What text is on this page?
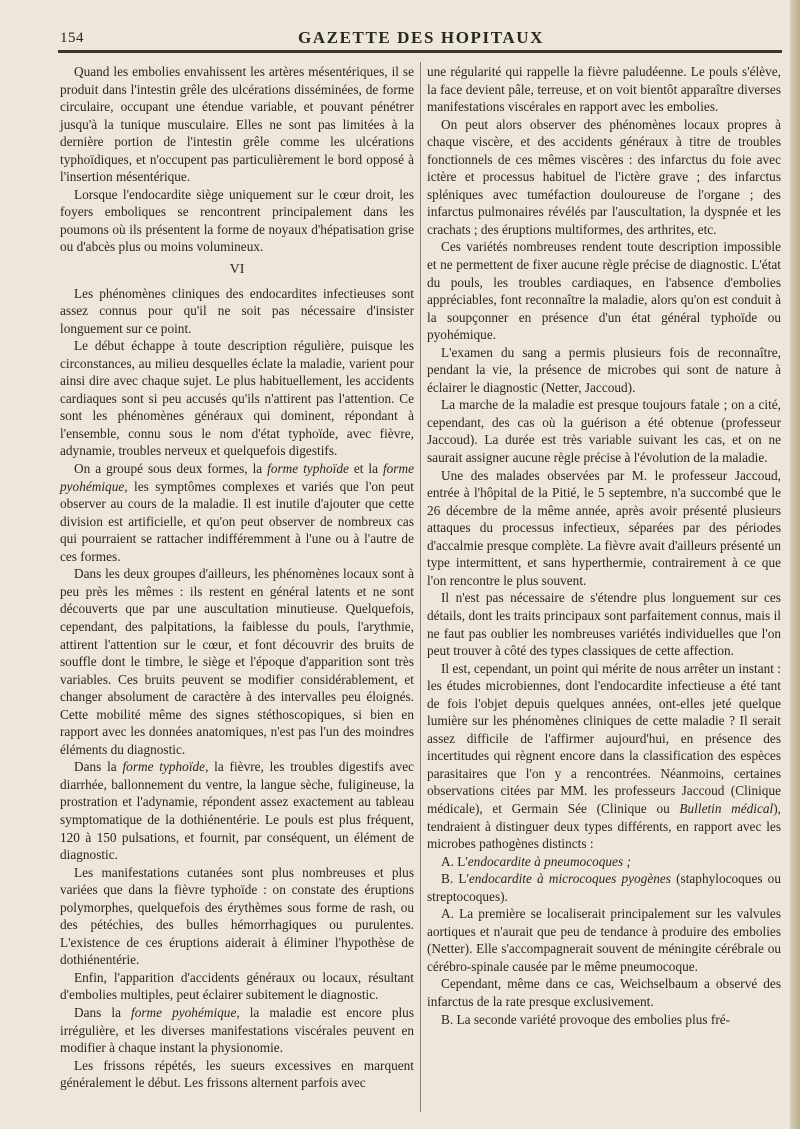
154	GAZETTE DES HOPITAUX

Quand les embolies envahissent les artères mésentériques, il se produit dans l'intestin grêle des ulcérations disséminées, de forme circulaire, occupant une étendue variable, et pouvant pénétrer jusqu'à la tunique musculaire. Elles ne sont pas limitées à la dernière portion de l'intestin grêle comme les ulcérations typhoïdiques, et n'occupent pas particulièrement le bord opposé à l'insertion mésentérique.

Lorsque l'endocardite siège uniquement sur le cœur droit, les foyers emboliques se rencontrent principalement dans les poumons où ils présentent la forme de noyaux d'hépatisation grise ou d'abcès plus ou moins volumineux.

VI

Les phénomènes cliniques des endocardites infectieuses sont assez connus pour qu'il ne soit pas nécessaire d'insister longuement sur ce point.

Le début échappe à toute description régulière, puisque les circonstances, au milieu desquelles éclate la maladie, varient pour ainsi dire avec chaque sujet. Le plus habituellement, les accidents cardiaques sont si peu accusés qu'ils n'attirent pas l'attention. Ce sont les phénomènes généraux qui dominent, répondant à l'ensemble, connu sous le nom d'état typhoïde, avec fièvre, adynamie, troubles nerveux et quelquefois digestifs.

On a groupé sous deux formes, la forme typhoïde et la forme pyohémique, les symptômes complexes et variés que l'on peut observer au cours de la maladie. Il est inutile d'ajouter que cette division est artificielle, et qu'on peut observer de nombreux cas qui pourraient se rattacher indifféremment à l'une ou à l'autre de ces formes.

Dans les deux groupes d'ailleurs, les phénomènes locaux sont à peu près les mêmes : ils restent en général latents et ne sont découverts que par une auscultation minutieuse. Quelquefois, cependant, des palpitations, la faiblesse du pouls, l'arythmie, attirent l'attention sur le cœur, et font découvrir des bruits de souffle dont le timbre, le siège et l'époque d'apparition sont très variables. Ces bruits peuvent se modifier considérablement, et changer absolument de caractère à des intervalles peu éloignés. Cette mobilité même des signes stéthoscopiques, si bien en rapport avec les données anatomiques, n'est pas l'un des moindres éléments du diagnostic.

Dans la forme typhoïde, la fièvre, les troubles digestifs avec diarrhée, ballonnement du ventre, la langue sèche, fuligineuse, la prostration et l'adynamie, répondent assez exactement au tableau symptomatique de la dothiénentérie. Le pouls est plus fréquent, 120 à 150 pulsations, et fournit, par conséquent, un élément de diagnostic.

Les manifestations cutanées sont plus nombreuses et plus variées que dans la fièvre typhoïde : on constate des éruptions polymorphes, quelquefois des érythèmes sous forme de rash, ou des pétéchies, des bulles hémorrhagiques ou purulentes. L'existence de ces éruptions aiderait à éliminer l'hypothèse de dothiénentérie.

Enfin, l'apparition d'accidents généraux ou locaux, résultant d'embolies multiples, peut éclairer subitement le diagnostic.

Dans la forme pyohémique, la maladie est encore plus irrégulière, et les diverses manifestations viscérales peuvent en modifier à chaque instant la physionomie.

Les frissons répétés, les sueurs excessives en marquent généralement le début. Les frissons alternent parfois avec

une régularité qui rappelle la fièvre paludéenne. Le pouls s'élève, la face devient pâle, terreuse, et on voit bientôt apparaître diverses manifestations viscérales en rapport avec les embolies.

On peut alors observer des phénomènes locaux propres à chaque viscère, et des accidents généraux à titre de troubles fonctionnels de ces mêmes viscères : des infarctus du foie avec ictère et processus habituel de l'ictère grave ; des infarctus spléniques avec tuméfaction douloureuse de l'organe ; des infarctus pulmonaires révélés par l'auscultation, la dyspnée et les crachats ; des éruptions multiformes, des arthrites, etc.

Ces variétés nombreuses rendent toute description impossible et ne permettent de fixer aucune règle précise de diagnostic. L'état du pouls, les troubles cardiaques, en l'absence d'embolies appréciables, font reconnaître la maladie, alors qu'on est conduit à la soupçonner en présence d'un état général typhoïde ou pyohémique.

L'examen du sang a permis plusieurs fois de reconnaître, pendant la vie, la présence de microbes qui sont de nature à éclairer le diagnostic (Netter, Jaccoud).

La marche de la maladie est presque toujours fatale ; on a cité, cependant, des cas où la guérison a été obtenue (professeur Jaccoud). La durée est très variable suivant les cas, et on ne saurait assigner aucune règle précise à l'évolution de la maladie.

Une des malades observées par M. le professeur Jaccoud, entrée à l'hôpital de la Pitié, le 5 septembre, n'a succombé que le 26 décembre de la même année, après avoir présenté plusieurs attaques du processus infectieux, séparées par des périodes d'accalmie presque complète. La fièvre avait d'ailleurs présenté un type intermittent, et sans hyperthermie, contrairement à ce que l'on rencontre le plus souvent.

Il n'est pas nécessaire de s'étendre plus longuement sur ces détails, dont les traits principaux sont parfaitement connus, mais il ne faut pas oublier les nombreuses variétés individuelles que l'on peut trouver à côté des types classiques de cette affection.

Il est, cependant, un point qui mérite de nous arrêter un instant : les études microbiennes, dont l'endocardite infectieuse a été tant de fois l'objet depuis quelques années, ont-elles jeté quelque lumière sur les phénomènes cliniques de cette maladie ? Il serait assez difficile de l'affirmer aujourd'hui, en présence des incertitudes qui règnent encore dans la classification des espèces parasitaires que l'on y a rencontrées. Néanmoins, certaines observations citées par MM. les professeurs Jaccoud (Clinique médicale), et Germain Sée (Clinique ou Bulletin médical), tendraient à distinguer deux types différents, en rapport avec les microbes pathogènes distincts :

A. L'endocardite à pneumocoques ;

B. L'endocardite à microcoques pyogènes (staphylocoques ou streptocoques).

A. La première se localiserait principalement sur les valvules aortiques et n'aurait que peu de tendance à produire des embolies (Netter). Elle s'accompagnerait souvent de méningite cérébrale ou cérébro-spinale causée par le même pneumocoque.

Cependant, même dans ce cas, Weichselbaum a observé des infarctus de la rate presque exclusivement.

B. La seconde variété provoque des embolies plus fré-
